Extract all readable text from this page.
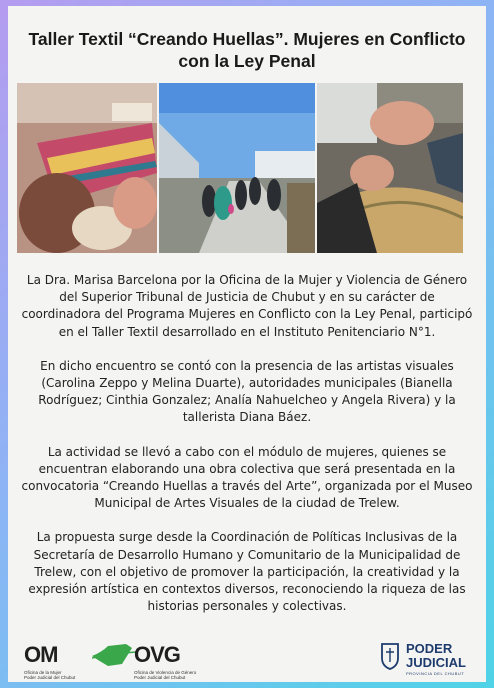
Taller Textil “Creando Huellas”. Mujeres en Conflicto
con la Ley Penal

La Dra. Marisa Barcelona por la Oficina de la Mujer y Violencia de Género del Superior Tribunal de Justicia de Chubut y en su carácter de coordinadora del Programa Mujeres en Conflicto con la Ley Penal, participó en el Taller Textil desarrollado en el Instituto Penitenciario N°1.

En dicho encuentro se contó con la presencia de las artistas visuales (Carolina Zeppo y Melina Duarte), autoridades municipales (Bianella Rodríguez; Cinthia Gonzalez; Analía Nahuelcheo y Angela Rivera) y la tallerista Diana Báez.

La actividad se llevó a cabo con el módulo de mujeres, quienes se encuentran elaborando una obra colectiva que será presentada en la convocatoria “Creando Huellas a través del Arte”, organizada por el Museo Municipal de Artes Visuales de la ciudad de Trelew.

La propuesta surge desde la Coordinación de Políticas Inclusivas de la Secretaría de Desarrollo Humano y Comunitario de la Municipalidad de Trelew, con el objetivo de promover la participación, la creatividad y la expresión artística en contextos diversos, reconociendo la riqueza de las historias personales y colectivas.

OM	OVG
Oficina de la Mujer
Poder Judicial del Chubut
Oficina de Violencia de Género
Poder Judicial del Chubut
PODER
JUDICIAL
PROVINCIA DEL CHUBUT
